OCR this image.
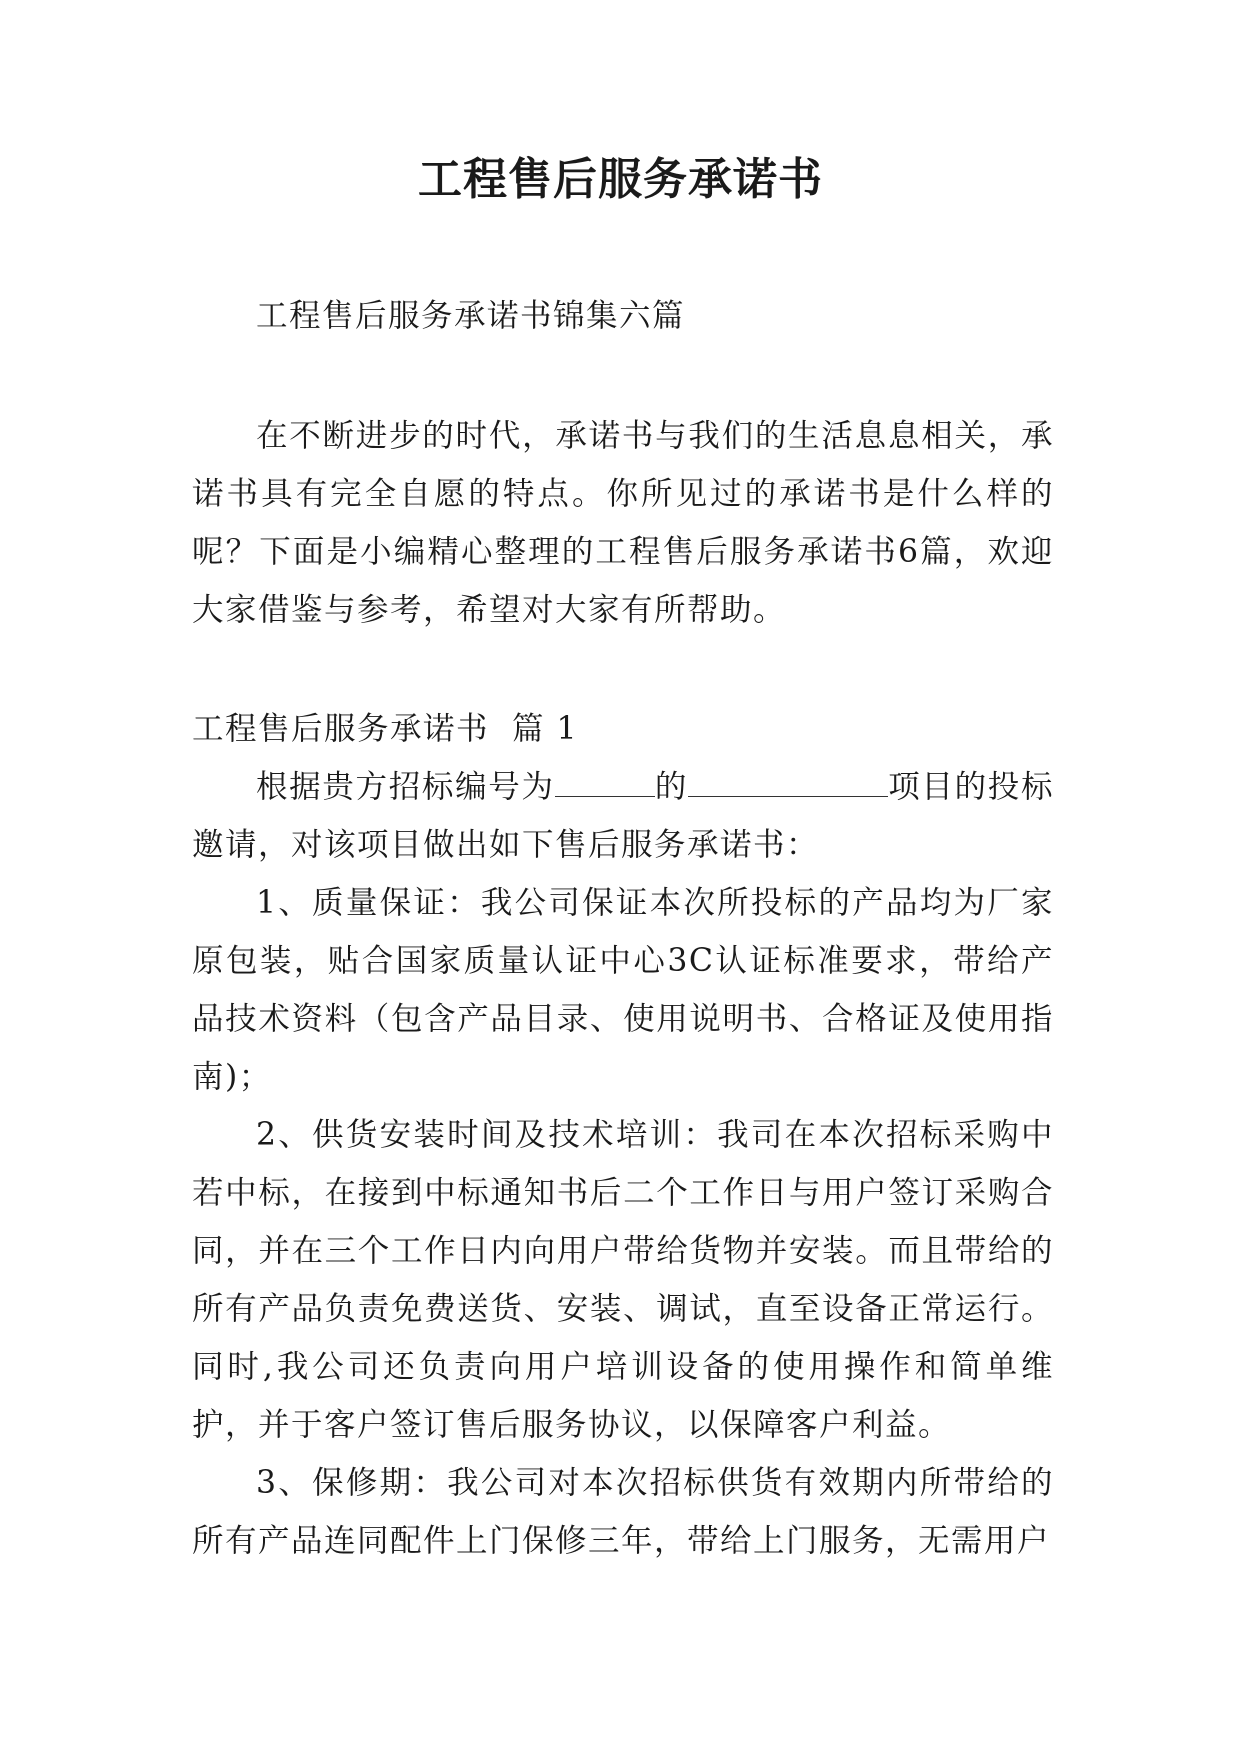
工程售后服务承诺书
工程售后服务承诺书锦集六篇
在不断进步的时代，承诺书与我们的生活息息相关，承诺书具有完全自愿的特点。你所见过的承诺书是什么样的呢？下面是小编精心整理的工程售后服务承诺书6篇，欢迎大家借鉴与参考，希望对大家有所帮助。
工程售后服务承诺书  篇 1

根据贵方招标编号为	的	项目的投标邀请，对该项目做出如下售后服务承诺书：

1、质量保证：我公司保证本次所投标的产品均为厂家原包装，贴合国家质量认证中心3C认证标准要求，带给产品技术资料（包含产品目录、使用说明书、合格证及使用指南)；

2、供货安装时间及技术培训：我司在本次招标采购中若中标，在接到中标通知书后二个工作日与用户签订采购合同，并在三个工作日内向用户带给货物并安装。而且带给的所有产品负责免费送货、安装、调试，直至设备正常运行。同时,我公司还负责向用户培训设备的使用操作和简单维护，并于客户签订售后服务协议，以保障客户利益。

3、保修期：我公司对本次招标供货有效期内所带给的所有产品连同配件上门保修三年，带给上门服务，无需用户
